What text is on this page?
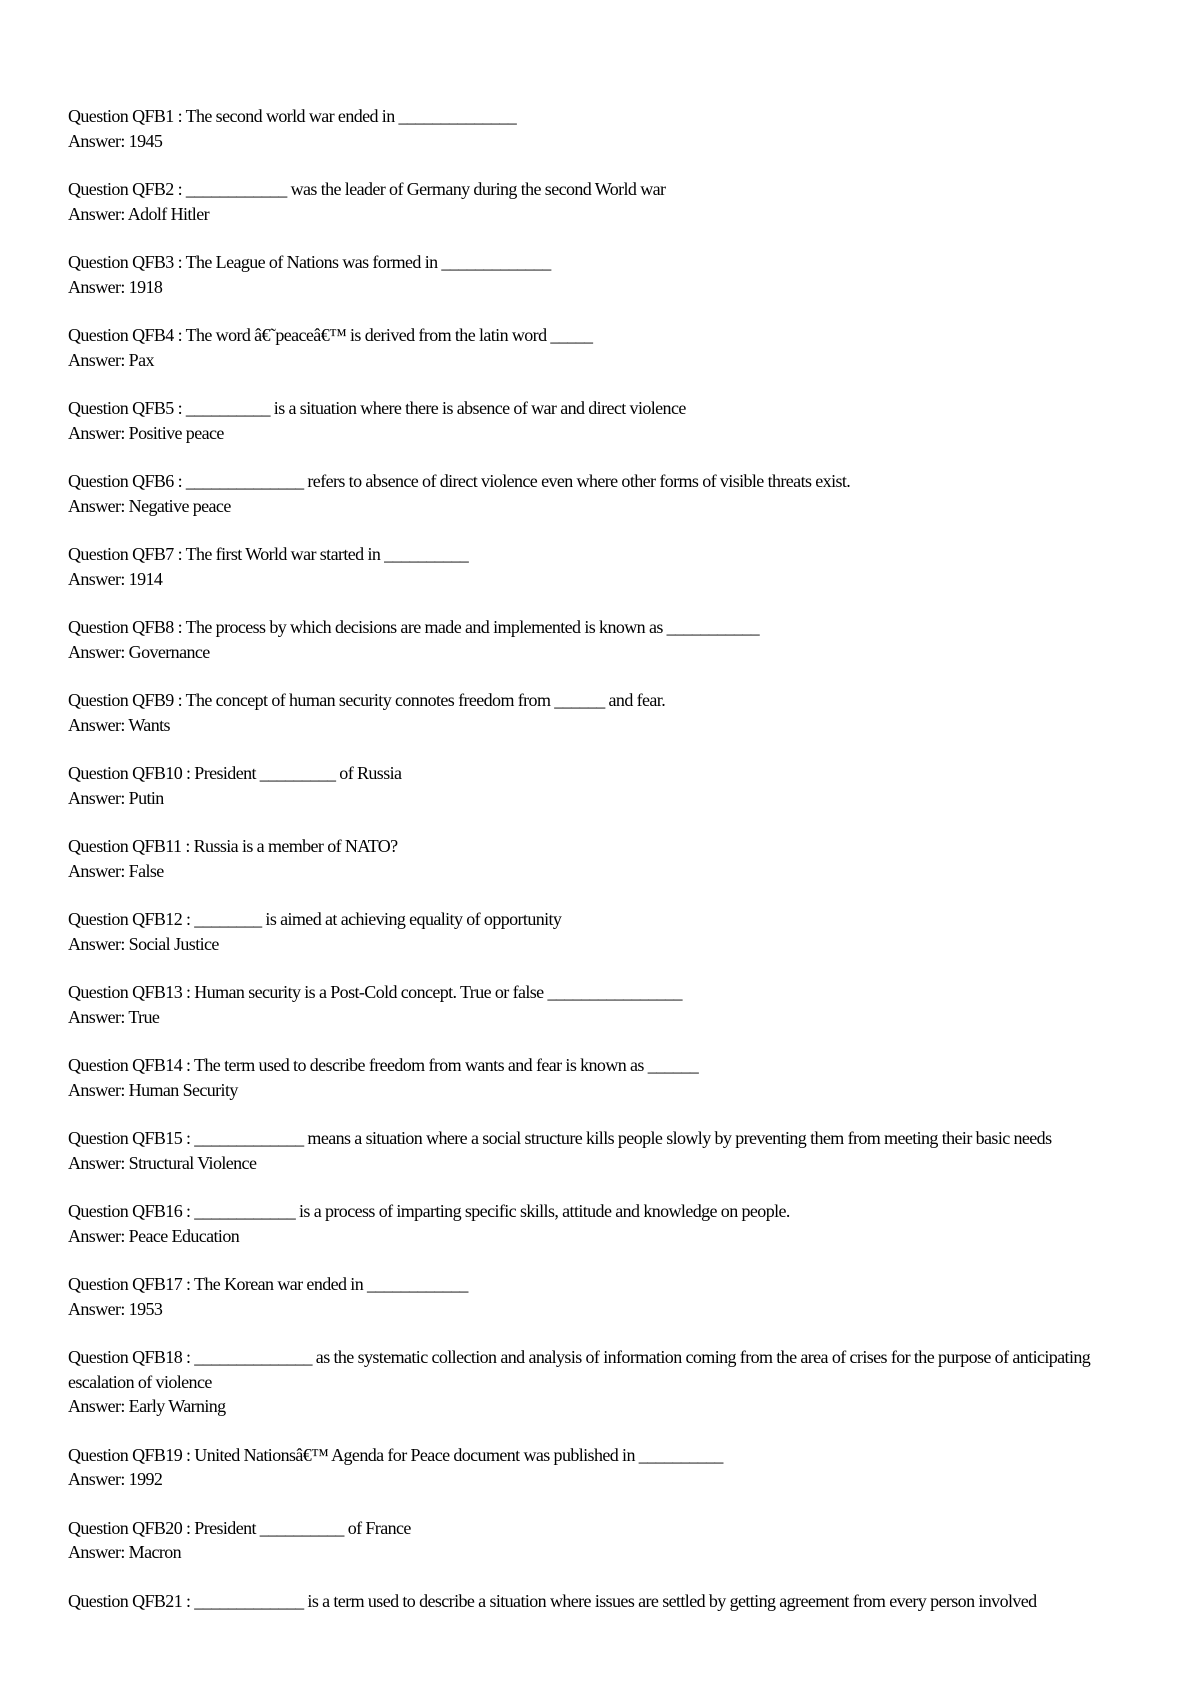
Question QFB1 : The second world war ended in ______________
Answer: 1945
Question QFB2 : ____________ was the leader of Germany during the second World war
Answer: Adolf Hitler
Question QFB3 : The League of Nations was formed in _____________
Answer: 1918
Question QFB4 : The word â€˜peaceâ€™ is derived from the latin word _____
Answer: Pax
Question QFB5 : __________ is a situation where there is absence of war and direct violence
Answer: Positive peace
Question QFB6 : ______________ refers to absence of direct violence even where other forms of visible threats exist.
Answer: Negative peace
Question QFB7 : The first World war started in __________
Answer: 1914
Question QFB8 : The process by which decisions are made and implemented is known as ___________
Answer: Governance
Question QFB9 : The concept of human security connotes freedom from ______ and fear.
Answer: Wants
Question QFB10 : President _________ of Russia
Answer: Putin
Question QFB11 : Russia is a member of NATO?
Answer: False
Question QFB12 : ________ is aimed at achieving equality of opportunity
Answer: Social Justice
Question QFB13 : Human security is a Post-Cold concept. True or false ________________
Answer: True
Question QFB14 : The term used to describe freedom from wants and fear is known as ______
Answer: Human Security
Question QFB15 : _____________ means a situation where a social structure kills people slowly by preventing them from meeting their basic needs
Answer: Structural Violence
Question QFB16 : ____________ is a process of imparting specific skills, attitude and knowledge on people.
Answer: Peace Education
Question QFB17 : The Korean war ended in ____________
Answer: 1953
Question QFB18 : ______________ as the systematic collection and analysis of information coming from the area of crises for the purpose of anticipating escalation of violence
Answer: Early Warning
Question QFB19 : United Nationsâ€™ Agenda for Peace document was published in __________
Answer: 1992
Question QFB20 : President __________ of France
Answer: Macron
Question QFB21 : _____________ is a term used to describe a situation where issues are settled by getting agreement from every person involved
